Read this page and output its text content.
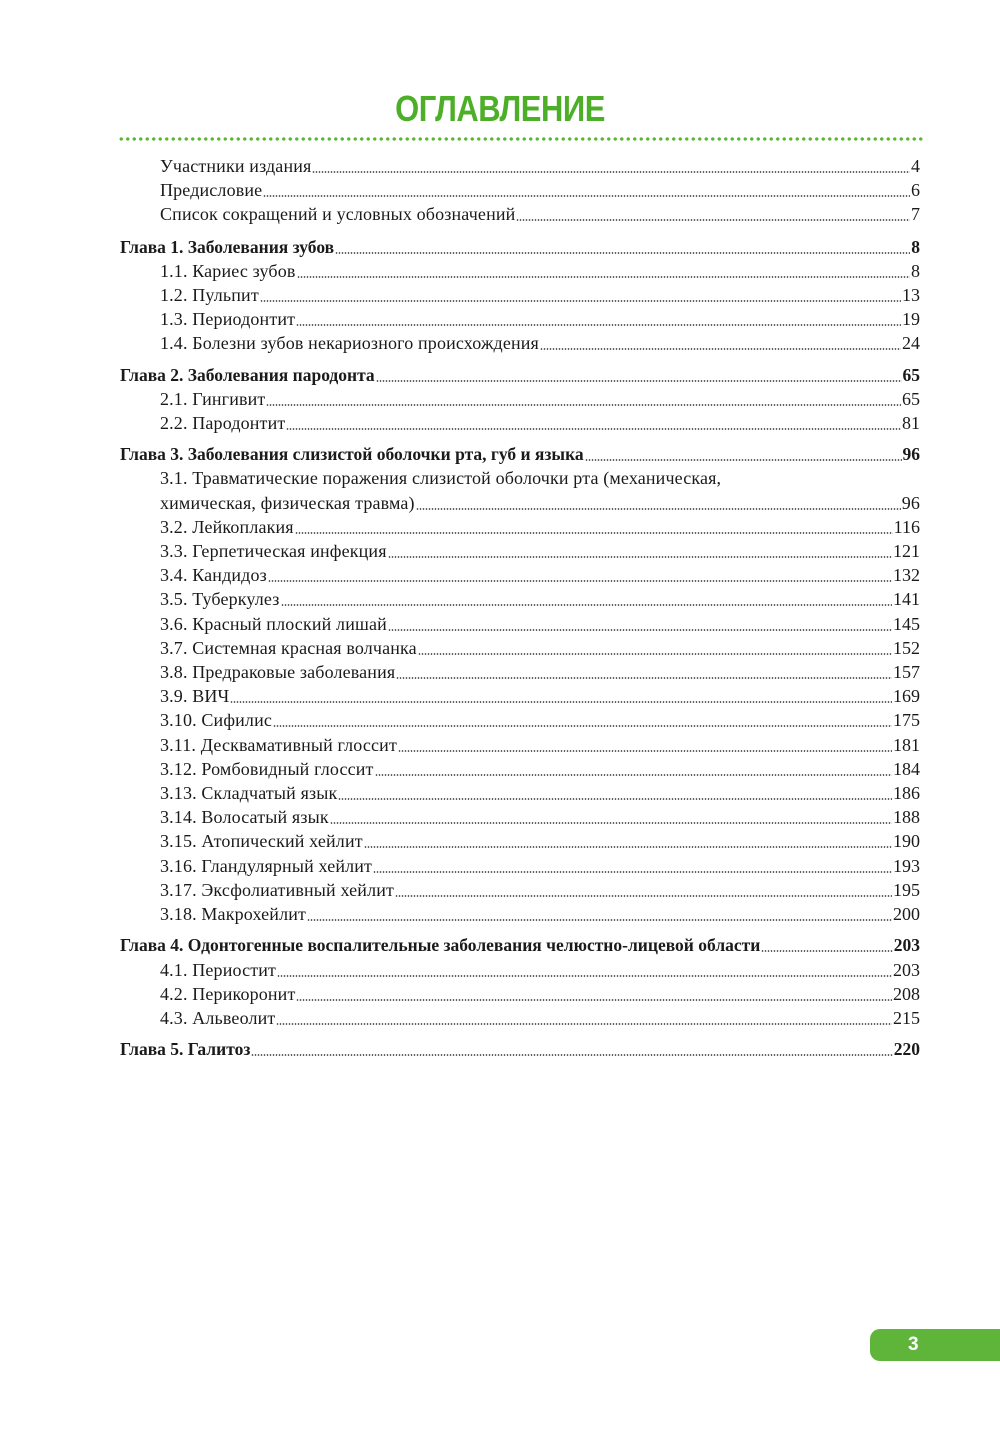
ОГЛАВЛЕНИЕ
Участники издания	4
Предисловие	6
Список сокращений и условных обозначений	7
Глава 1. Заболевания зубов	8
1.1. Кариес зубов	8
1.2. Пульпит	13
1.3. Периодонтит	19
1.4. Болезни зубов некариозного происхождения	24
Глава 2. Заболевания пародонта	65
2.1. Гингивит	65
2.2. Пародонтит	81
Глава 3. Заболевания слизистой оболочки рта, губ и языка	96
3.1. Травматические поражения слизистой оболочки рта (механическая,
химическая, физическая травма)	96
3.2. Лейкоплакия	116
3.3. Герпетическая инфекция	121
3.4. Кандидоз	132
3.5. Туберкулез	141
3.6. Красный плоский лишай	145
3.7. Системная красная волчанка	152
3.8. Предраковые заболевания	157
3.9. ВИЧ	169
3.10. Сифилис	175
3.11. Десквамативный глоссит	181
3.12. Ромбовидный глоссит	184
3.13. Складчатый язык	186
3.14. Волосатый язык	188
3.15. Атопический хейлит	190
3.16. Гландулярный хейлит	193
3.17. Эксфолиативный хейлит	195
3.18. Макрохейлит	200
Глава 4. Одонтогенные воспалительные заболевания челюстно-лицевой области	203
4.1. Периостит	203
4.2. Перикоронит	208
4.3. Альвеолит	215
Глава 5. Галитоз	220
3
